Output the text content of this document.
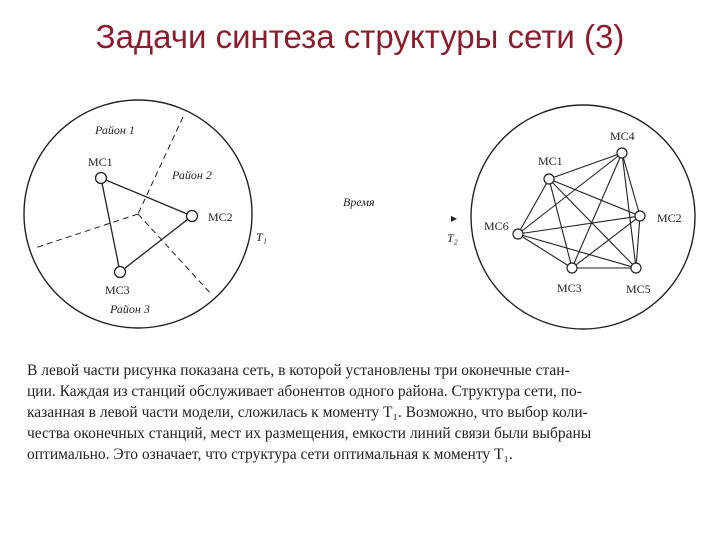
Задачи синтеза структуры сети (3)
Район 1
Район 2
Район 3
МС1
МС2
МС3
T₁
Время
▸
T₂
МС4
МС1
МС2
МС6
МС3	МС5
В левой части рисунка показана сеть, в которой установлены три оконечные стан-
ции. Каждая из станций обслуживает абонентов одного района. Структура сети, по-
казанная в левой части модели, сложилась к моменту T₁. Возможно, что выбор коли-
чества оконечных станций, мест их размещения, емкости линий связи были выбраны
оптимально. Это означает, что структура сети оптимальная к моменту T₁.
